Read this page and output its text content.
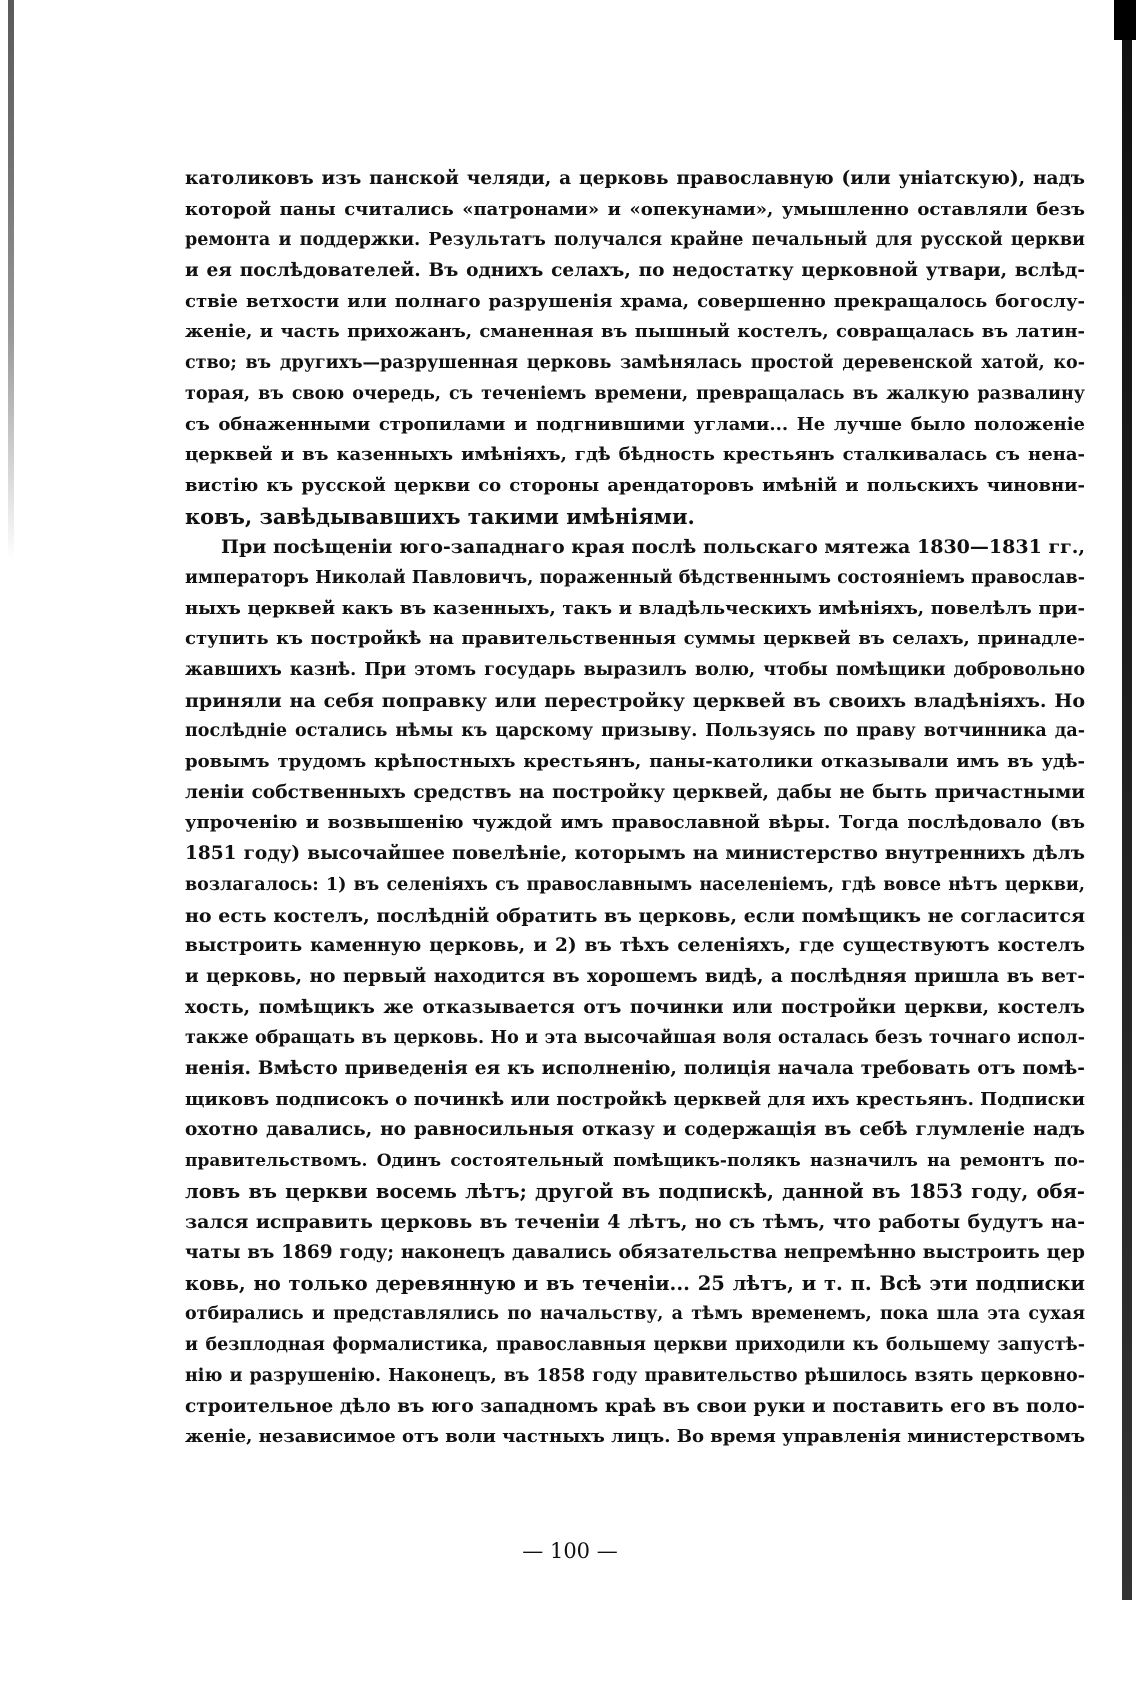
католиковъ изъ панской челяди, а церковь православную (или уніатскую), надъ
которой паны считались «патронами» и «опекунами», умышленно оставляли безъ
ремонта и поддержки. Результатъ получался крайне печальный для русской церкви
и ея послѣдователей. Въ однихъ селахъ, по недостатку церковной утвари, вслѣд-
ствіе ветхости или полнаго разрушенія храма, совершенно прекращалось богослу-
женіе, и часть прихожанъ, сманенная въ пышный костелъ, совращалась въ латин-
ство; въ другихъ—разрушенная церковь замѣнялась простой деревенской хатой, ко-
торая, въ свою очередь, съ теченіемъ времени, превращалась въ жалкую развалину
съ обнаженными стропилами и подгнившими углами... Не лучше было положеніе
церквей и въ казенныхъ имѣніяхъ, гдѣ бѣдность крестьянъ сталкивалась съ нена-
вистію къ русской церкви со стороны арендаторовъ имѣній и польскихъ чиновни-
ковъ, завѣдывавшихъ такими имѣніями.
При посѣщеніи юго-западнаго края послѣ польскаго мятежа 1830—1831 гг.,
императоръ Николай Павловичъ, пораженный бѣдственнымъ состояніемъ православ-
ныхъ церквей какъ въ казенныхъ, такъ и владѣльческихъ имѣніяхъ, повелѣлъ при-
ступить къ постройкѣ на правительственныя суммы церквей въ селахъ, принадле-
жавшихъ казнѣ. При этомъ государь выразилъ волю, чтобы помѣщики добровольно
приняли на себя поправку или перестройку церквей въ своихъ владѣніяхъ. Но
послѣдніе остались нѣмы къ царскому призыву. Пользуясь по праву вотчинника да-
ровымъ трудомъ крѣпостныхъ крестьянъ, паны-католики отказывали имъ въ удѣ-
леніи собственныхъ средствъ на постройку церквей, дабы не быть причастными
упроченію и возвышенію чуждой имъ православной вѣры. Тогда послѣдовало (въ
1851 году) высочайшее повелѣніе, которымъ на министерство внутреннихъ дѣлъ
возлагалось: 1) въ селеніяхъ съ православнымъ населеніемъ, гдѣ вовсе нѣтъ церкви,
но есть костелъ, послѣдній обратить въ церковь, если помѣщикъ не согласится
выстроить каменную церковь, и 2) въ тѣхъ селеніяхъ, где существуютъ костелъ
и церковь, но первый находится въ хорошемъ видѣ, а послѣдняя пришла въ вет-
хость, помѣщикъ же отказывается отъ починки или постройки церкви, костелъ
также обращать въ церковь. Но и эта высочайшая воля осталась безъ точнаго испол-
ненія. Вмѣсто приведенія ея къ исполненію, полиція начала требовать отъ помѣ-
щиковъ подписокъ о починкѣ или постройкѣ церквей для ихъ крестьянъ. Подписки
охотно давались, но равносильныя отказу и содержащія въ себѣ глумленіе надъ
правительствомъ. Одинъ состоятельный помѣщикъ-полякъ назначилъ на ремонтъ по-
ловъ въ церкви восемь лѣтъ; другой въ подпискѣ, данной въ 1853 году, обя-
зался исправить церковь въ теченіи 4 лѣтъ, но съ тѣмъ, что работы будутъ на-
чаты въ 1869 году; наконецъ давались обязательства непремѣнно выстроить цер
ковь, но только деревянную и въ теченіи... 25 лѣтъ, и т. п. Всѣ эти подписки
отбирались и представлялись по начальству, а тѣмъ временемъ, пока шла эта сухая
и безплодная формалистика, православныя церкви приходили къ большему запустѣ-
нію и разрушенію. Наконецъ, въ 1858 году правительство рѣшилось взять церковно-
строительное дѣло въ юго западномъ краѣ въ свои руки и поставить его въ поло-
женіе, независимое отъ воли частныхъ лицъ. Во время управленія министерствомъ
— 100 —
